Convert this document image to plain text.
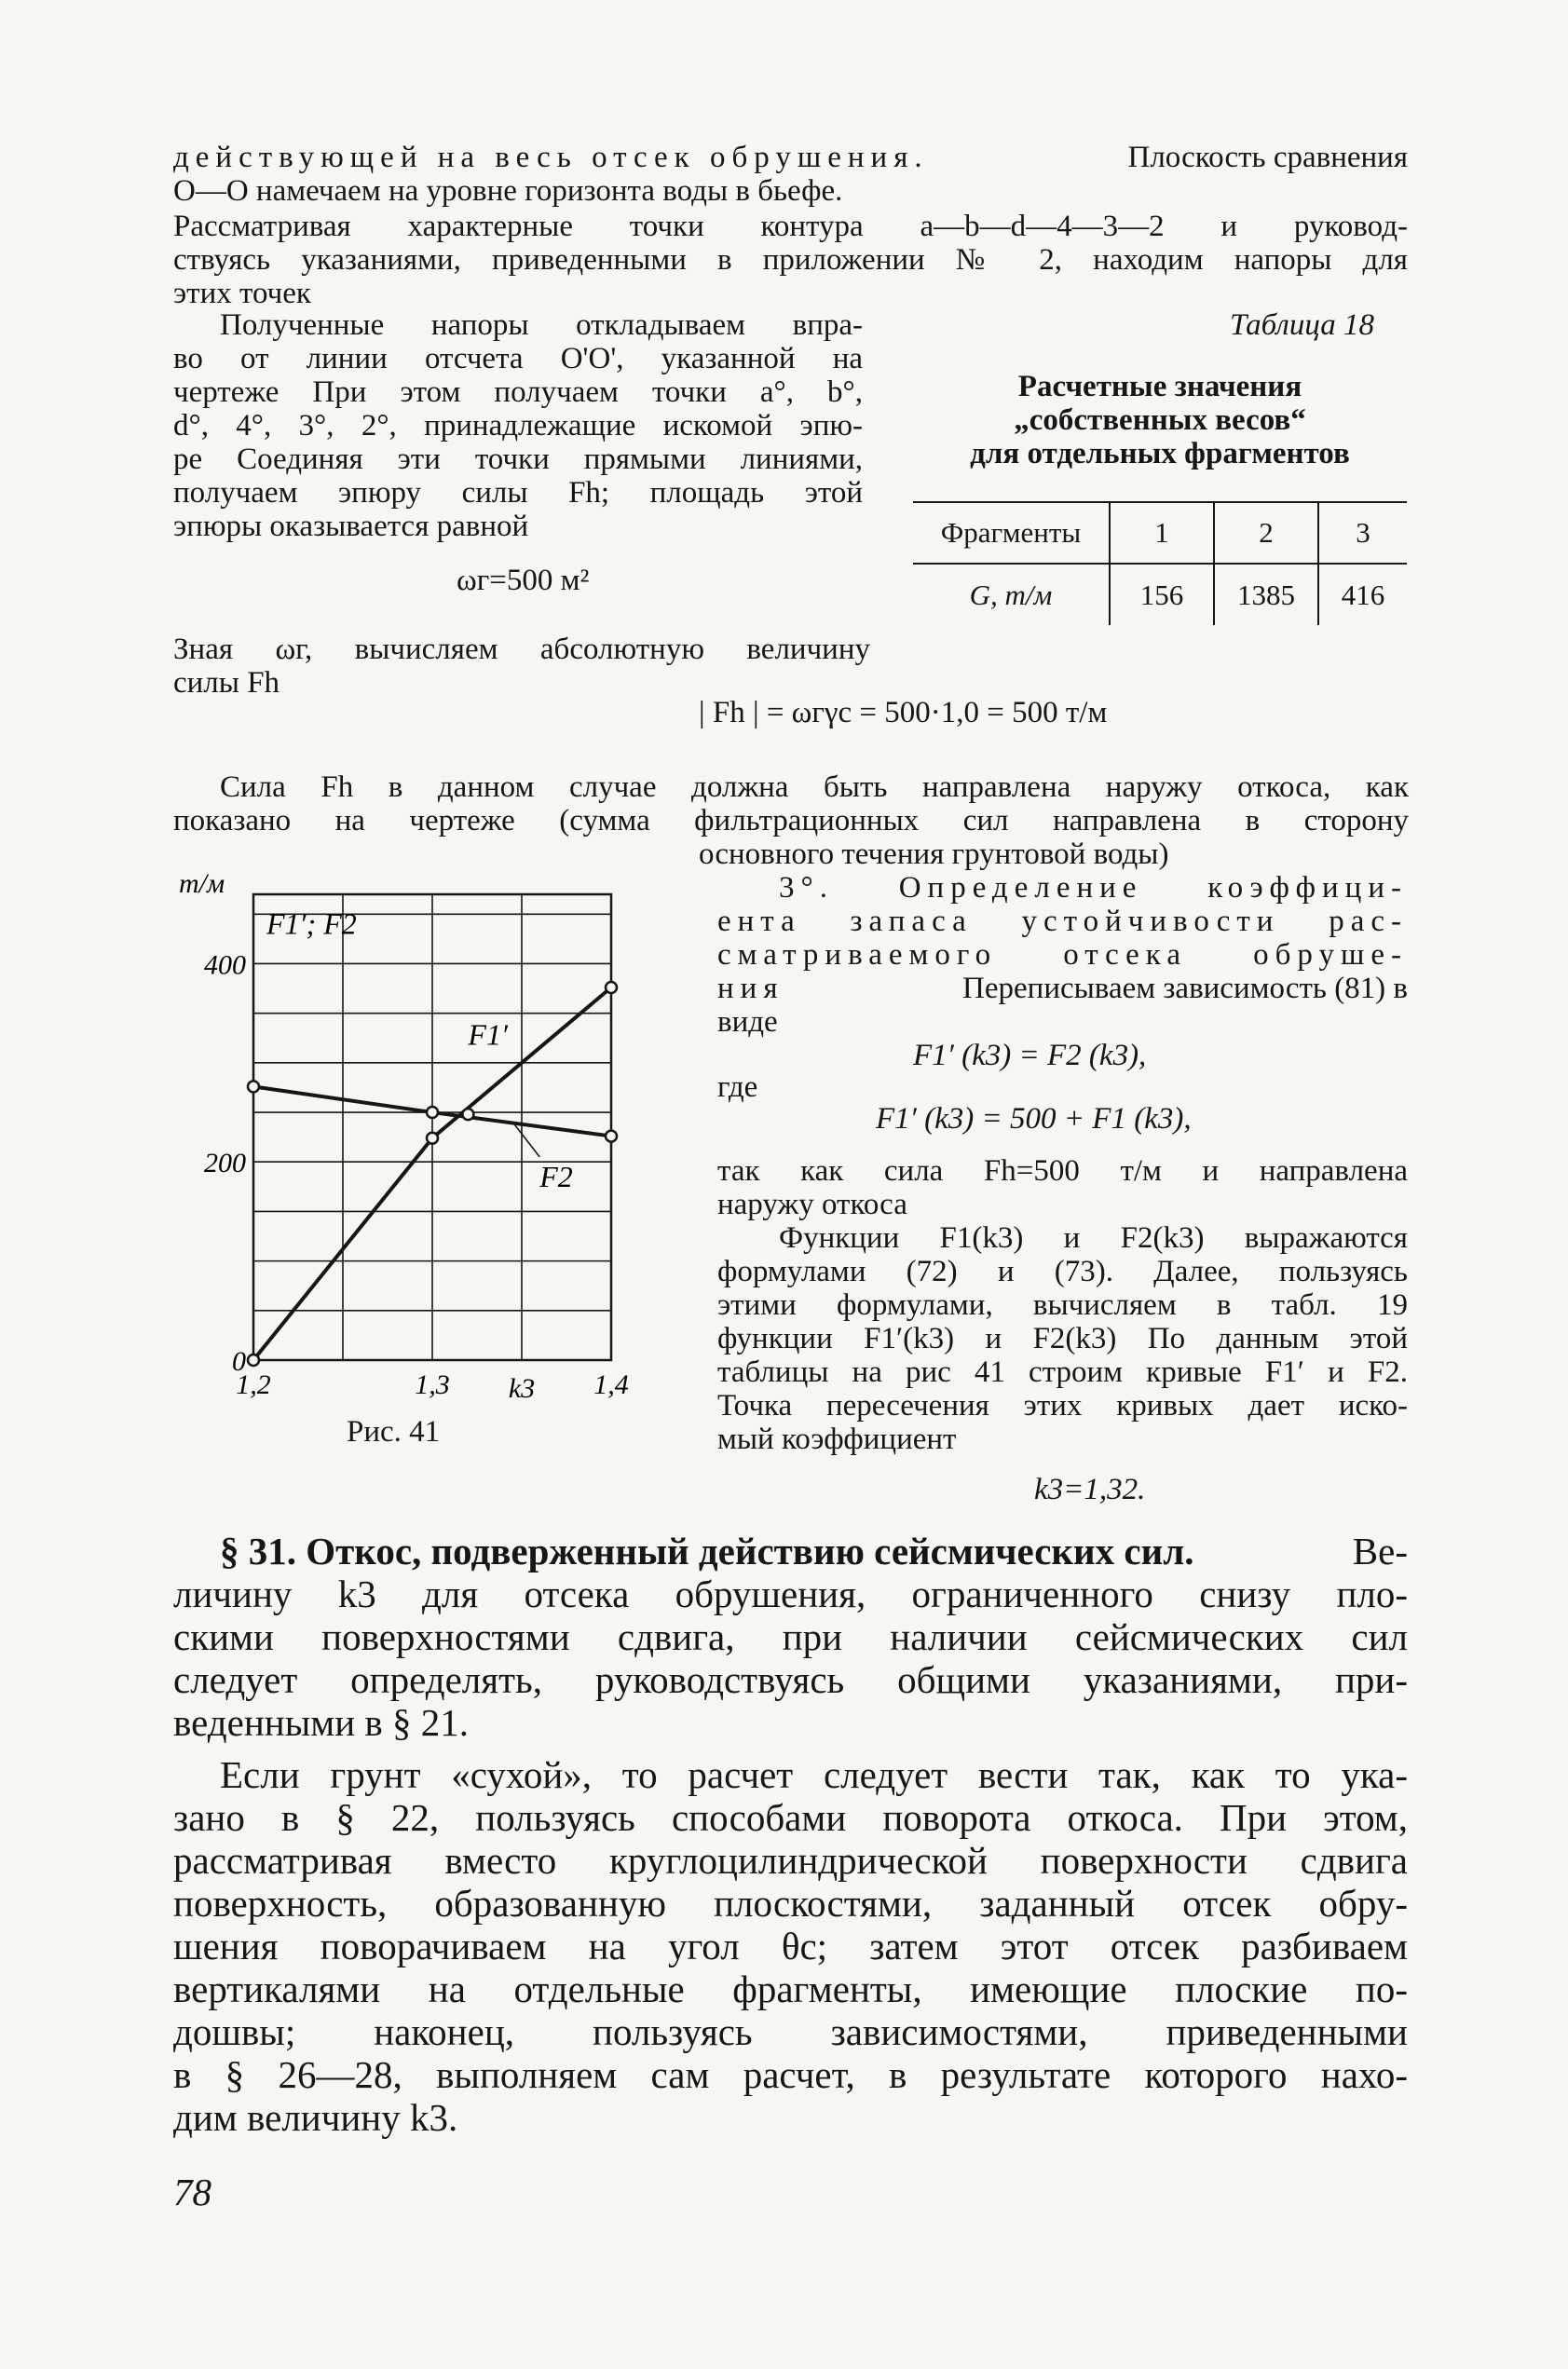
действующей на весь отсек обрушения.	Плоскость сравнения
O—O намечаем на уровне горизонта воды в бьефе.
Рассматривая характерные точки контура a—b—d—4—3—2 и руковод-
ствуясь указаниями, приведенными в приложении № 2, находим напоры для
этих точек
Полученные напоры откладываем впра-
во от линии отсчета O'O', указанной на
чертеже При этом получаем точки a°, b°,
d°, 4°, 3°, 2°, принадлежащие искомой эпю-
ре Соединяя эти точки прямыми линиями,
получаем эпюру силы Fh; площадь этой
эпюры оказывается равной
ωг=500 м²
Зная ωг, вычисляем абсолютную величину
силы Fh
| Fh | = ωгγc = 500·1,0 = 500 т/м
Таблица 18
Расчетные значения
„собственных весов“
для отдельных фрагментов
Фрагменты	1	2	3
G, т/м	156	1385	416
Сила Fh в данном случае должна быть направлена наружу откоса, как
показано на чертеже (сумма фильтрационных сил направлена в сторону
основного течения грунтовой воды)
т/м
0
200
400
1,2	1,3	1,4
k3
F1′; F2
F1′
F2
Рис. 41
3°. Определение коэффици-
ента запаса устойчивости рас-
сматриваемого отсека обруше-
ния	Переписываем зависимость (81) в
виде
F1′ (k3) = F2 (k3),
где
F1′ (k3) = 500 + F1 (k3),
так как сила Fh=500 т/м и направлена
наружу откоса
Функции F1(k3) и F2(k3) выражаются
формулами (72) и (73). Далее, пользуясь
этими формулами, вычисляем в табл. 19
функции F1′(k3) и F2(k3) По данным этой
таблицы на рис 41 строим кривые F1′ и F2.
Точка пересечения этих кривых дает иско-
мый коэффициент
k3=1,32.
§ 31. Откос, подверженный действию сейсмических сил.	Ве-
личину k3 для отсека обрушения, ограниченного снизу пло-
скими поверхностями сдвига, при наличии сейсмических сил
следует определять, руководствуясь общими указаниями, при-
веденными в § 21.
Если грунт «сухой», то расчет следует вести так, как то ука-
зано в § 22, пользуясь способами поворота откоса. При этом,
рассматривая вместо круглоцилиндрической поверхности сдвига
поверхность, образованную плоскостями, заданный отсек обру-
шения поворачиваем на угол θc; затем этот отсек разбиваем
вертикалями на отдельные фрагменты, имеющие плоские по-
дошвы; наконец, пользуясь зависимостями, приведенными
в § 26—28, выполняем сам расчет, в результате которого нахо-
дим величину k3.
78
